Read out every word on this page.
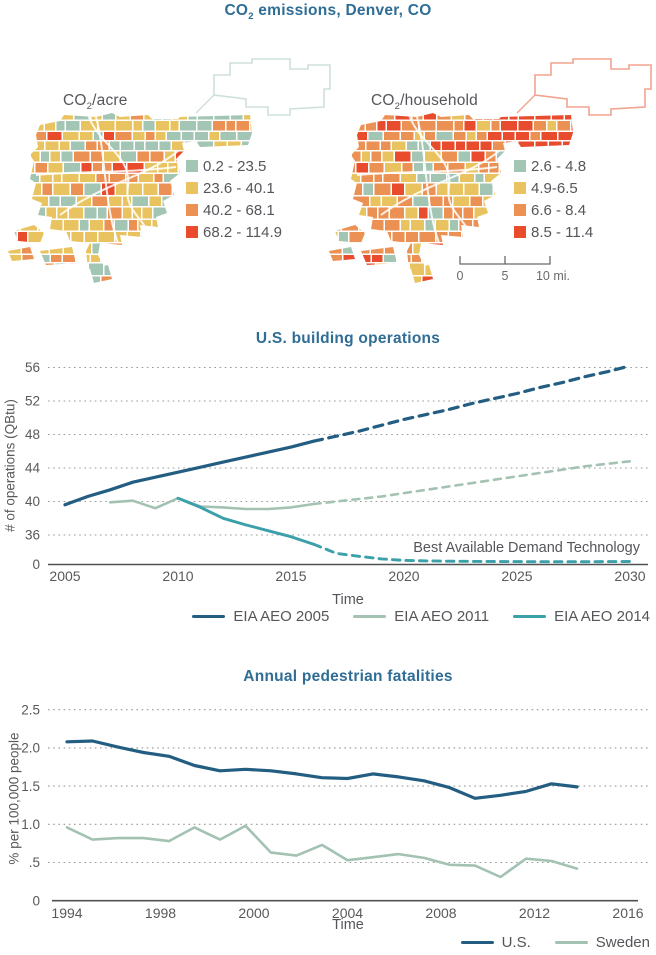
$CO_2$ emissions, Denver, CO
$CO_2$/acre	$CO_2$/household
0.2 - 23.5
23.6 - 40.1
40.2 - 68.1
68.2 - 114.9
2.6 - 4.8
4.9-6.5
6.6 - 8.4
8.5 - 11.4
0	5 10 mi.
U.S. building operations
# of operations (QBtu)
0
36
40
44
48
52
56
2005	2010	2015	2020	2025	2030
Best Available Demand Technology
Time
EIA AEO 2005	EIA AEO 2011	EIA AEO 2014
Annual pedestrian fatalities
% per 100,000 people
0
.5
1.0
1.5
2.0
2.5
1994	1998	2000	2004	2008	2012	2016
Time
U.S.	Sweden
